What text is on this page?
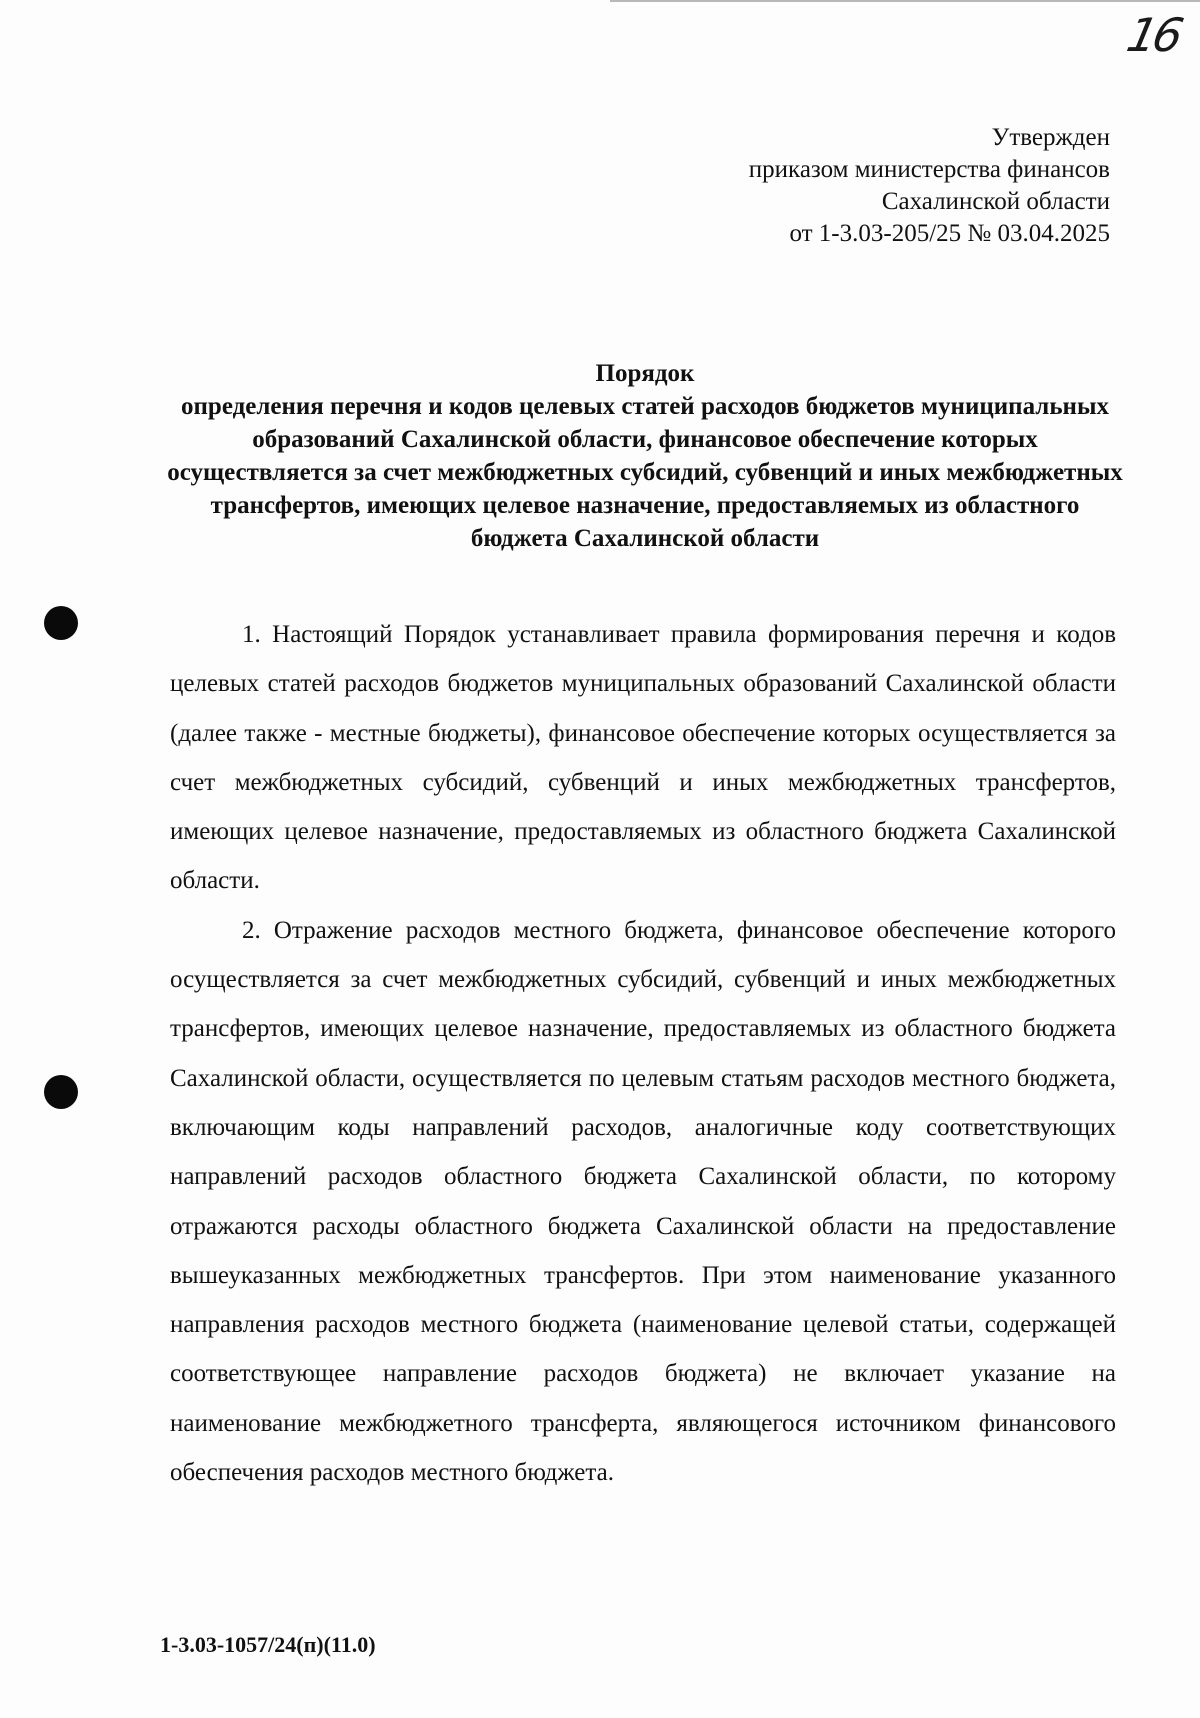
16
Утвержден
приказом министерства финансов
Сахалинской области
от 1-3.03-205/25 № 03.04.2025
Порядок
определения перечня и кодов целевых статей расходов бюджетов муниципальных образований Сахалинской области, финансовое обеспечение которых осуществляется за счет межбюджетных субсидий, субвенций и иных межбюджетных трансфертов, имеющих целевое назначение, предоставляемых из областного бюджета Сахалинской области

1. Настоящий Порядок устанавливает правила формирования перечня и кодов целевых статей расходов бюджетов муниципальных образований Сахалинской области (далее также - местные бюджеты), финансовое обеспечение которых осуществляется за счет межбюджетных субсидий, субвенций и иных межбюджетных трансфертов, имеющих целевое назначение, предоставляемых из областного бюджета Сахалинской области.

2. Отражение расходов местного бюджета, финансовое обеспечение которого осуществляется за счет межбюджетных субсидий, субвенций и иных межбюджетных трансфертов, имеющих целевое назначение, предоставляемых из областного бюджета Сахалинской области, осуществляется по целевым статьям расходов местного бюджета, включающим коды направлений расходов, аналогичные коду соответствующих направлений расходов областного бюджета Сахалинской области, по которому отражаются расходы областного бюджета Сахалинской области на предоставление вышеуказанных межбюджетных трансфертов. При этом наименование указанного направления расходов местного бюджета (наименование целевой статьи, содержащей соответствующее направление расходов бюджета) не включает указание на наименование межбюджетного трансферта, являющегося источником финансового обеспечения расходов местного бюджета.

1-3.03-1057/24(п)(11.0)
